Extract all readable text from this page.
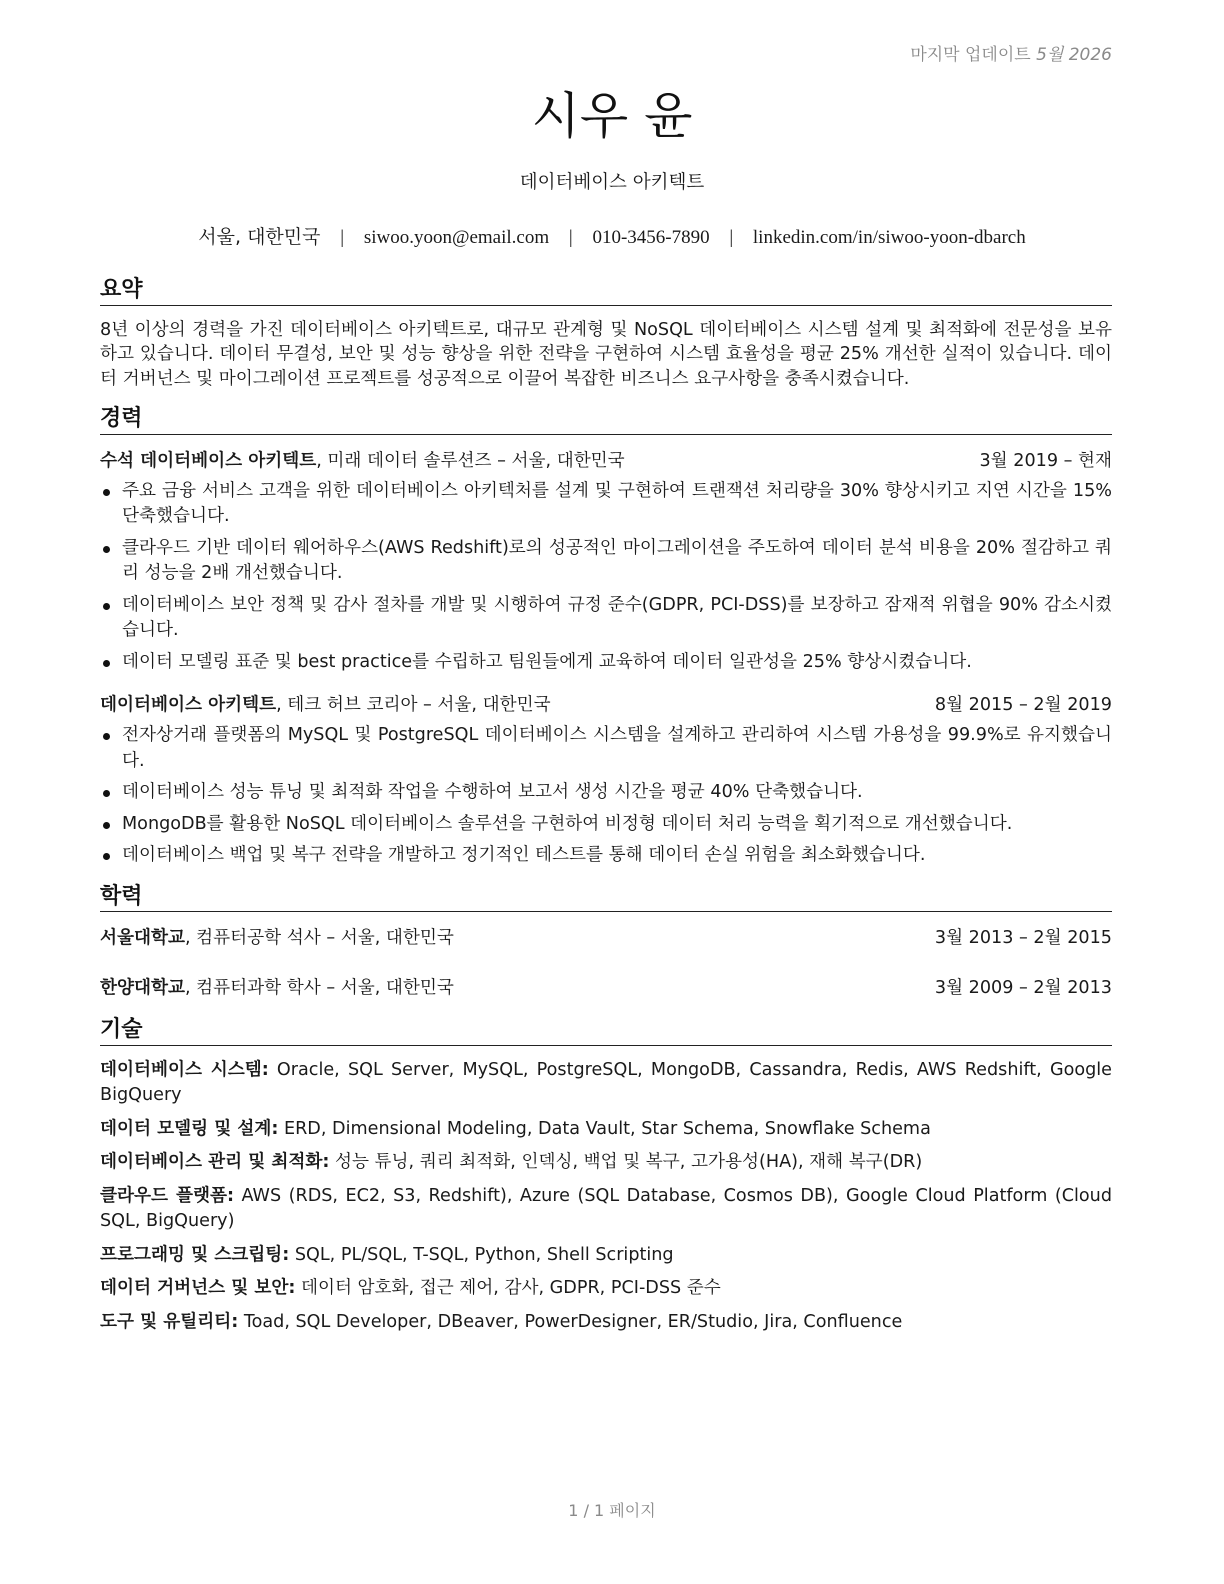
마지막 업데이트 5월 2026
시우 윤
데이터베이스 아키텍트
서울, 대한민국 | siwoo.yoon@email.com | 010-3456-7890 | linkedin.com/in/siwoo-yoon-dbarch
요약

8년 이상의 경력을 가진 데이터베이스 아키텍트로, 대규모 관계형 및 NoSQL 데이터베이스 시스템 설계 및 최적화에 전문성을 보유하고 있습니다. 데이터 무결성, 보안 및 성능 향상을 위한 전략을 구현하여 시스템 효율성을 평균 25% 개선한 실적이 있습니다. 데이터 거버넌스 및 마이그레이션 프로젝트를 성공적으로 이끌어 복잡한 비즈니스 요구사항을 충족시켰습니다.

경력
수석 데이터베이스 아키텍트, 미래 데이터 솔루션즈 – 서울, 대한민국	3월 2019 – 현재
주요 금융 서비스 고객을 위한 데이터베이스 아키텍처를 설계 및 구현하여 트랜잭션 처리량을 30% 향상시키고 지연 시간을 15% 단축했습니다.
클라우드 기반 데이터 웨어하우스(AWS Redshift)로의 성공적인 마이그레이션을 주도하여 데이터 분석 비용을 20% 절감하고 쿼리 성능을 2배 개선했습니다.
데이터베이스 보안 정책 및 감사 절차를 개발 및 시행하여 규정 준수(GDPR, PCI-DSS)를 보장하고 잠재적 위협을 90% 감소시켰습니다.
데이터 모델링 표준 및 best practice를 수립하고 팀원들에게 교육하여 데이터 일관성을 25% 향상시켰습니다.
데이터베이스 아키텍트, 테크 허브 코리아 – 서울, 대한민국	8월 2015 – 2월 2019
전자상거래 플랫폼의 MySQL 및 PostgreSQL 데이터베이스 시스템을 설계하고 관리하여 시스템 가용성을 99.9%로 유지했습니다.
데이터베이스 성능 튜닝 및 최적화 작업을 수행하여 보고서 생성 시간을 평균 40% 단축했습니다.
MongoDB를 활용한 NoSQL 데이터베이스 솔루션을 구현하여 비정형 데이터 처리 능력을 획기적으로 개선했습니다.
데이터베이스 백업 및 복구 전략을 개발하고 정기적인 테스트를 통해 데이터 손실 위험을 최소화했습니다.
학력
서울대학교, 컴퓨터공학 석사 – 서울, 대한민국	3월 2013 – 2월 2015
한양대학교, 컴퓨터과학 학사 – 서울, 대한민국	3월 2009 – 2월 2013
기술
데이터베이스 시스템: Oracle, SQL Server, MySQL, PostgreSQL, MongoDB, Cassandra, Redis, AWS Redshift, Google BigQuery
데이터 모델링 및 설계: ERD, Dimensional Modeling, Data Vault, Star Schema, Snowflake Schema
데이터베이스 관리 및 최적화: 성능 튜닝, 쿼리 최적화, 인덱싱, 백업 및 복구, 고가용성(HA), 재해 복구(DR)
클라우드 플랫폼: AWS (RDS, EC2, S3, Redshift), Azure (SQL Database, Cosmos DB), Google Cloud Platform (Cloud SQL, BigQuery)
프로그래밍 및 스크립팅: SQL, PL/SQL, T-SQL, Python, Shell Scripting
데이터 거버넌스 및 보안: 데이터 암호화, 접근 제어, 감사, GDPR, PCI-DSS 준수
도구 및 유틸리티: Toad, SQL Developer, DBeaver, PowerDesigner, ER/Studio, Jira, Confluence
1 / 1 페이지
